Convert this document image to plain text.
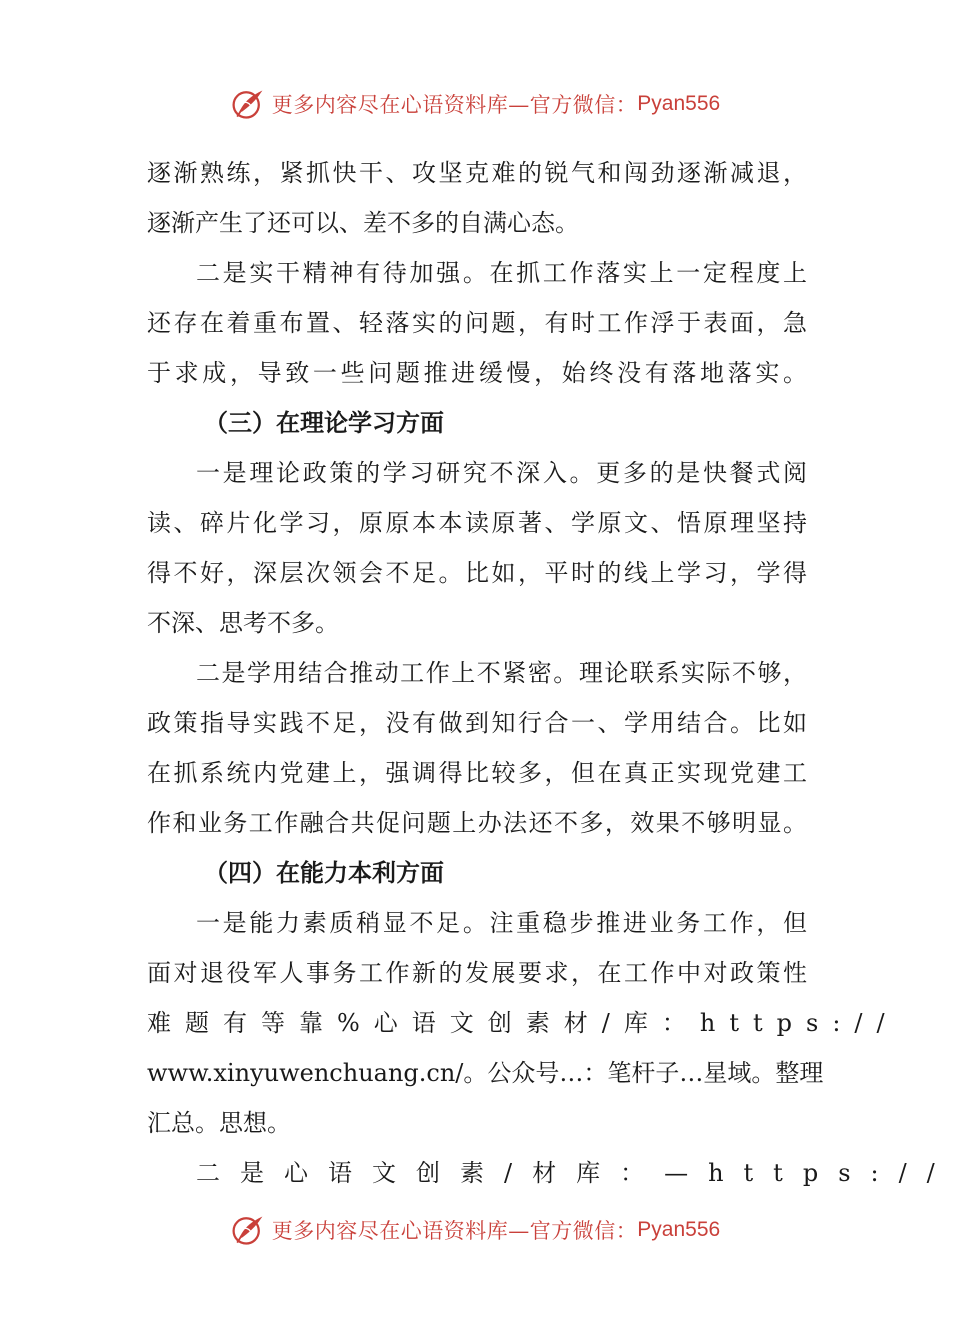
更多内容尽在心语资料库—官方微信： Pyan556
逐渐熟练，紧抓快干、攻坚克难的锐气和闯劲逐渐减退，
逐渐产生了还可以、差不多的自满心态。
二是实干精神有待加强。在抓工作落实上一定程度上
还存在着重布置、轻落实的问题，有时工作浮于表面，急
于求成，导致一些问题推进缓慢，始终没有落地落实。
（三）在理论学习方面
一是理论政策的学习研究不深入。更多的是快餐式阅
读、碎片化学习，原原本本读原著、学原文、悟原理坚持
得不好，深层次领会不足。比如，平时的线上学习，学得
不深、思考不多。
二是学用结合推动工作上不紧密。理论联系实际不够，
政策指导实践不足，没有做到知行合一、学用结合。比如
在抓系统内党建上，强调得比较多，但在真正实现党建工
作和业务工作融合共促问题上办法还不多，效果不够明显。
（四）在能力本利方面
一是能力素质稍显不足。注重稳步推进业务工作，但
面对退役军人事务工作新的发展要求，在工作中对政策性
难题有等靠%心语文创素材/库：https://
www.xinyuwenchuang.cn/。公众号…：笔杆子…星域。整理
汇总。思想。
二是心语文创素/材库：—https://
更多内容尽在心语资料库—官方微信： Pyan556
